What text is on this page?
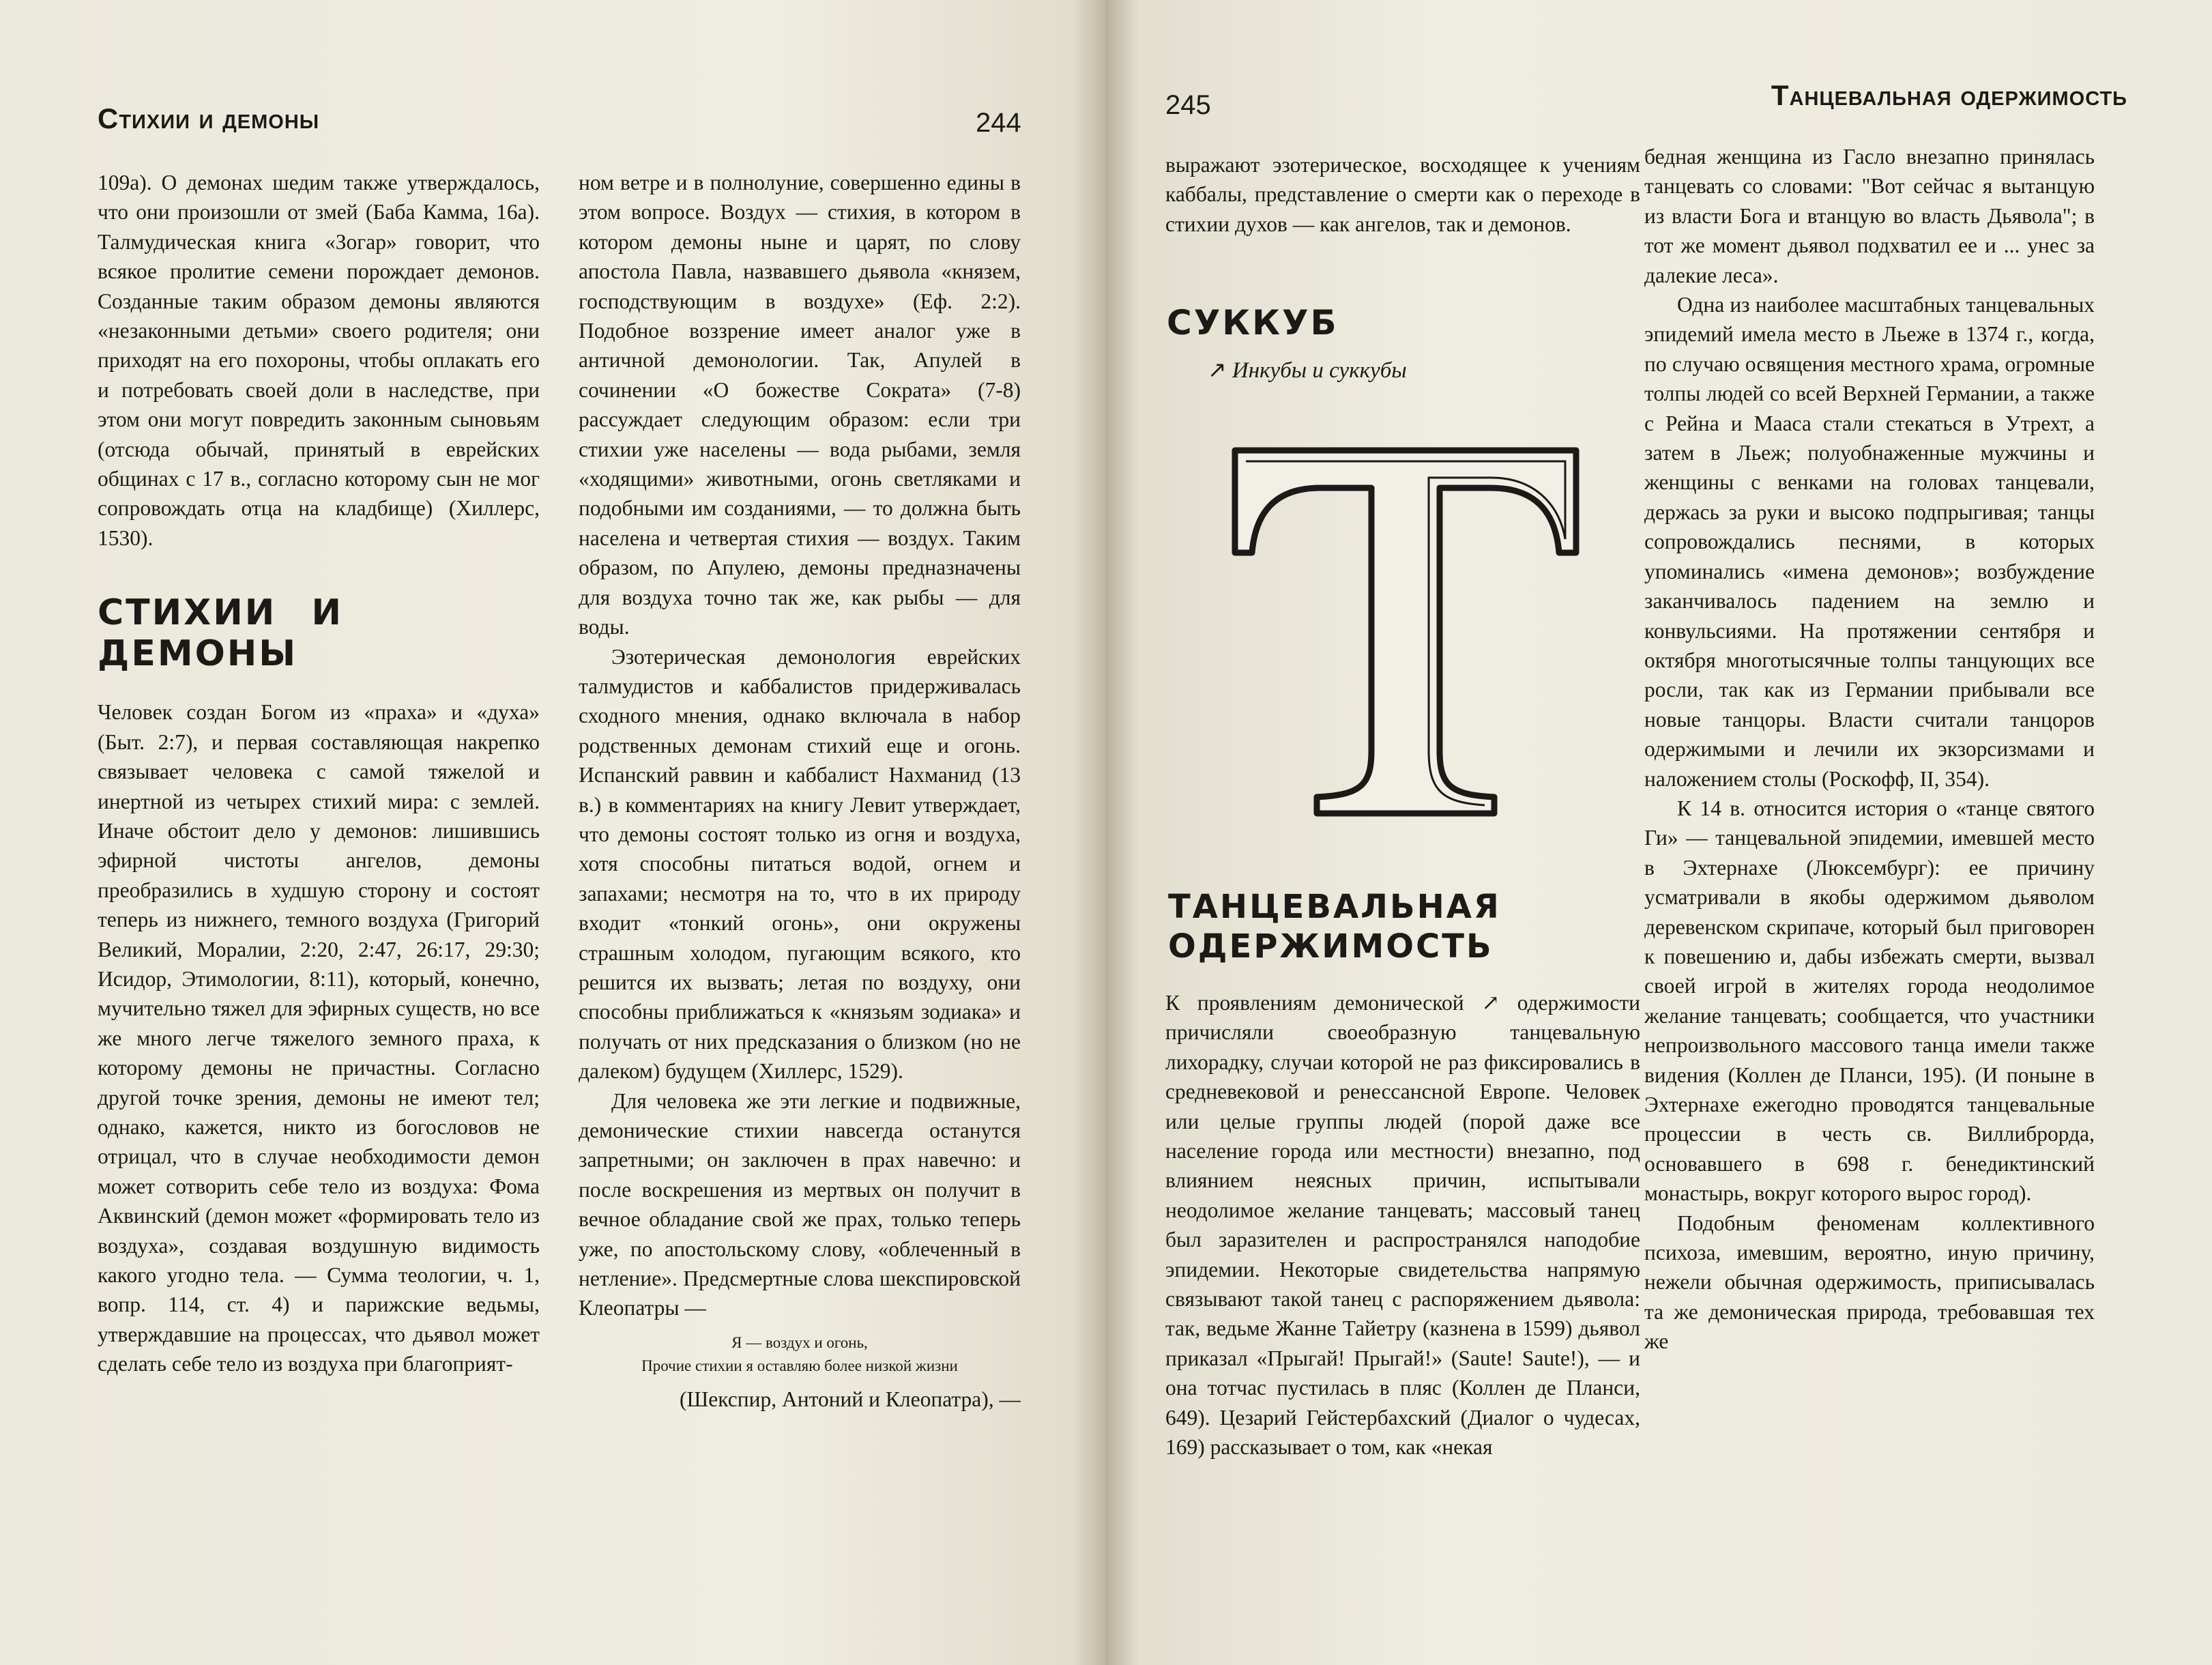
Стихии и демоны	244

109а). О демонах шедим также утверждалось, что они произошли от змей (Баба Камма, 16а). Талмудическая книга «Зогар» говорит, что всякое пролитие семени порождает демонов. Созданные таким образом демоны являются «незаконными детьми» своего родителя; они приходят на его похороны, чтобы оплакать его и потребовать своей доли в наследстве, при этом они могут повредить законным сыновьям (отсюда обычай, принятый в еврейских общинах с 17 в., согласно которому сын не мог сопровождать отца на кладбище) (Хиллерс, 1530).

СТИХИИ И ДЕМОНЫ

Человек создан Богом из «праха» и «духа» (Быт. 2:7), и первая составляющая накрепко связывает человека с самой тяжелой и инертной из четырех стихий мира: с землей. Иначе обстоит дело у демонов: лишившись эфирной чистоты ангелов, демоны преобразились в худшую сторону и состоят теперь из нижнего, темного воздуха (Григорий Великий, Моралии, 2:20, 2:47, 26:17, 29:30; Исидор, Этимологии, 8:11), который, конечно, мучительно тяжел для эфирных существ, но все же много легче тяжелого земного праха, к которому демоны не причастны. Согласно другой точке зрения, демоны не имеют тел; однако, кажется, никто из богословов не отрицал, что в случае необходимости демон может сотворить себе тело из воздуха: Фома Аквинский (демон может «формировать тело из воздуха», создавая воздушную видимость какого угодно тела. — Сумма теологии, ч. 1, вопр. 114, ст. 4) и парижские ведьмы, утверждавшие на процессах, что дьявол может сделать себе тело из воздуха при благоприят-

ном ветре и в полнолуние, совершенно едины в этом вопросе. Воздух — стихия, в котором в котором демоны ныне и царят, по слову апостола Павла, назвавшего дьявола «князем, господствующим в воздухе» (Еф. 2:2). Подобное воззрение имеет аналог уже в античной демонологии. Так, Апулей в сочинении «О божестве Сократа» (7-8) рассуждает следующим образом: если три стихии уже населены — вода рыбами, земля «ходящими» животными, огонь светляками и подобными им созданиями, — то должна быть населена и четвертая стихия — воздух. Таким образом, по Апулею, демоны предназначены для воздуха точно так же, как рыбы — для воды.

Эзотерическая демонология еврейских талмудистов и каббалистов придерживалась сходного мнения, однако включала в набор родственных демонам стихий еще и огонь. Испанский раввин и каббалист Нахманид (13 в.) в комментариях на книгу Левит утверждает, что демоны состоят только из огня и воздуха, хотя способны питаться водой, огнем и запахами; несмотря на то, что в их природу входит «тонкий огонь», они окружены страшным холодом, пугающим всякого, кто решится их вызвать; летая по воздуху, они способны приближаться к «князьям зодиака» и получать от них предсказания о близком (но не далеком) будущем (Хиллерс, 1529).

Для человека же эти легкие и подвижные, демонические стихии навсегда останутся запретными; он заключен в прах навечно: и после воскрешения из мертвых он получит в вечное обладание свой же прах, только теперь уже, по апостольскому слову, «облеченный в нетление». Предсмертные слова шекспировской Клеопатры —

Я — воздух и огонь,
Прочие стихии я оставляю более низкой жизни

(Шекспир, Антоний и Клеопатра), —

245	Танцевальная одержимость

выражают эзотерическое, восходящее к учениям каббалы, представление о смерти как о переходе в стихии духов — как ангелов, так и демонов.

СУККУБ
↗ Инкубы и суккубы
Т
ТАНЦЕВАЛЬНАЯ
ОДЕРЖИМОСТЬ

К проявлениям демонической ↗ одержимости причисляли своеобразную танцевальную лихорадку, случаи которой не раз фиксировались в средневековой и ренессансной Европе. Человек или целые группы людей (порой даже все население города или местности) внезапно, под влиянием неясных причин, испытывали неодолимое желание танцевать; массовый танец был заразителен и распространялся наподобие эпидемии. Некоторые свидетельства напрямую связывают такой танец с распоряжением дьявола: так, ведьме Жанне Тайетру (казнена в 1599) дьявол приказал «Прыгай! Прыгай!» (Saute! Saute!), — и она тотчас пустилась в пляс (Коллен де Планси, 649). Цезарий Гейстербахский (Диалог о чудесах, 169) рассказывает о том, как «некая

бедная женщина из Гасло внезапно принялась танцевать со словами: "Вот сейчас я вытанцую из власти Бога и втанцую во власть Дьявола"; в тот же момент дьявол подхватил ее и ... унес за далекие леса».

Одна из наиболее масштабных танцевальных эпидемий имела место в Льеже в 1374 г., когда, по случаю освящения местного храма, огромные толпы людей со всей Верхней Германии, а также с Рейна и Мааса стали стекаться в Утрехт, а затем в Льеж; полуобнаженные мужчины и женщины с венками на головах танцевали, держась за руки и высоко подпрыгивая; танцы сопровождались песнями, в которых упоминались «имена демонов»; возбуждение заканчивалось падением на землю и конвульсиями. На протяжении сентября и октября многотысячные толпы танцующих все росли, так как из Германии прибывали все новые танцоры. Власти считали танцоров одержимыми и лечили их экзорсизмами и наложением столы (Роскофф, II, 354).

К 14 в. относится история о «танце святого Ги» — танцевальной эпидемии, имевшей место в Эхтернахе (Люксембург): ее причину усматривали в якобы одержимом дьяволом деревенском скрипаче, который был приговорен к повешению и, дабы избежать смерти, вызвал своей игрой в жителях города неодолимое желание танцевать; сообщается, что участники непроизвольного массового танца имели также видения (Коллен де Планси, 195). (И поныне в Эхтернахе ежегодно проводятся танцевальные процессии в честь св. Виллиброрда, основавшего в 698 г. бенедиктинский монастырь, вокруг которого вырос город).

Подобным феноменам коллективного психоза, имевшим, вероятно, иную причину, нежели обычная одержимость, приписывалась та же демоническая природа, требовавшая тех же
